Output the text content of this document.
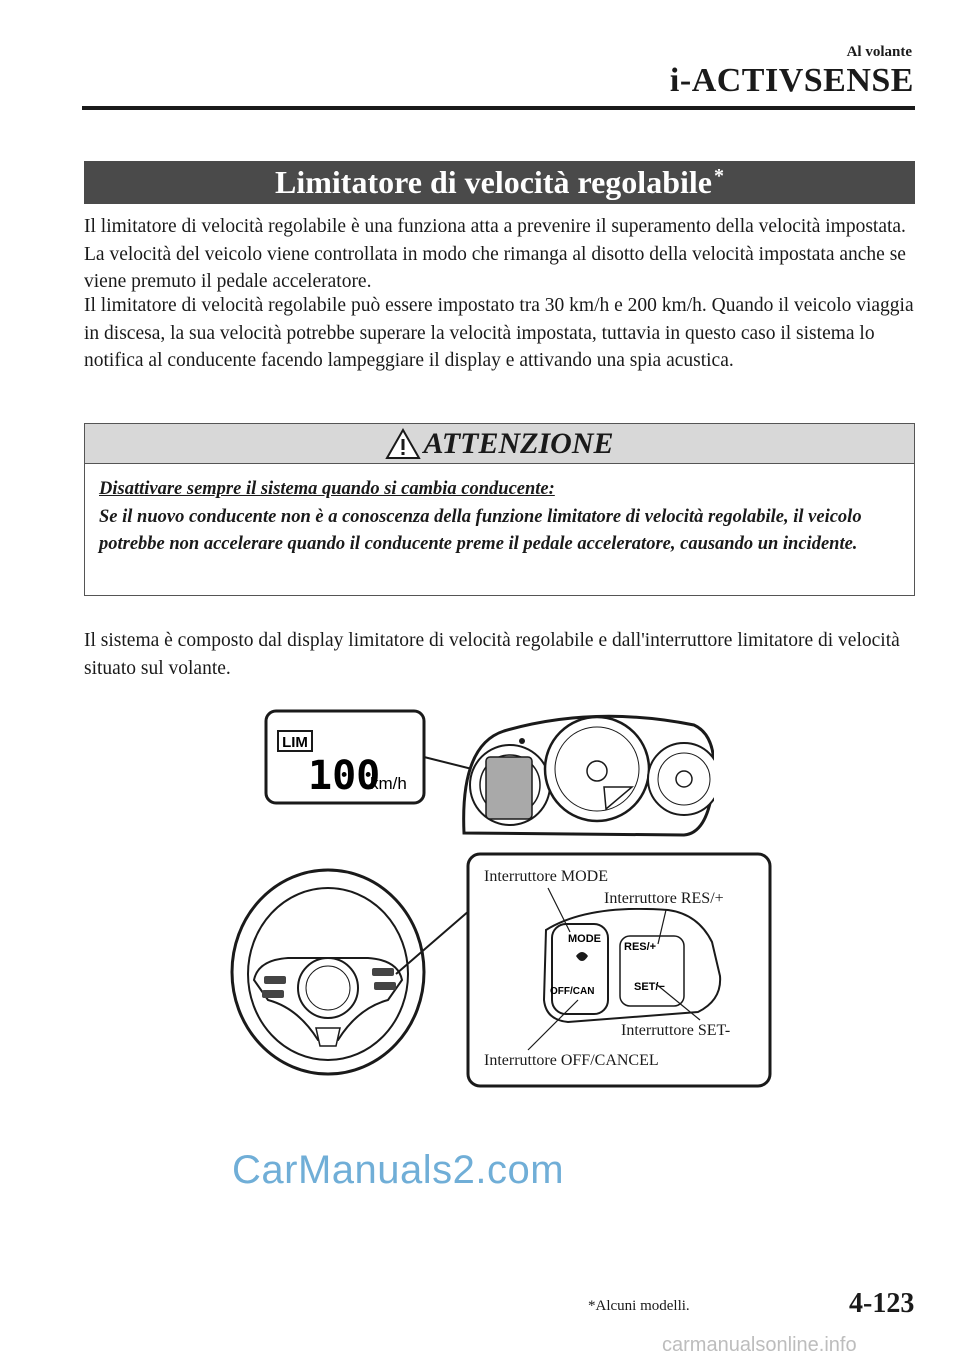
Al volante
i-ACTIVSENSE
Limitatore di velocità regolabile*
Il limitatore di velocità regolabile è una funziona atta a prevenire il superamento della velocità impostata. La velocità del veicolo viene controllata in modo che rimanga al disotto della velocità impostata anche se viene premuto il pedale acceleratore.
Il limitatore di velocità regolabile può essere impostato tra 30 km/h e 200 km/h. Quando il veicolo viaggia in discesa, la sua velocità potrebbe superare la velocità impostata, tuttavia in questo caso il sistema lo notifica al conducente facendo lampeggiare il display e attivando una spia acustica.
ATTENZIONE
Disattivare sempre il sistema quando si cambia conducente:
Se il nuovo conducente non è a conoscenza della funzione limitatore di velocità regolabile, il veicolo potrebbe non accelerare quando il conducente preme il pedale acceleratore, causando un incidente.
Il sistema è composto dal display limitatore di velocità regolabile e dall'interruttore limitatore di velocità situato sul volante.
LIM
100
km/h
MODE
RES/+
OFF/CAN	SET/−
Interruttore MODE
Interruttore RES/+
Interruttore SET-
Interruttore OFF/CANCEL
CarManuals2.com
*Alcuni modelli.	4-123
carmanualsonline.info
